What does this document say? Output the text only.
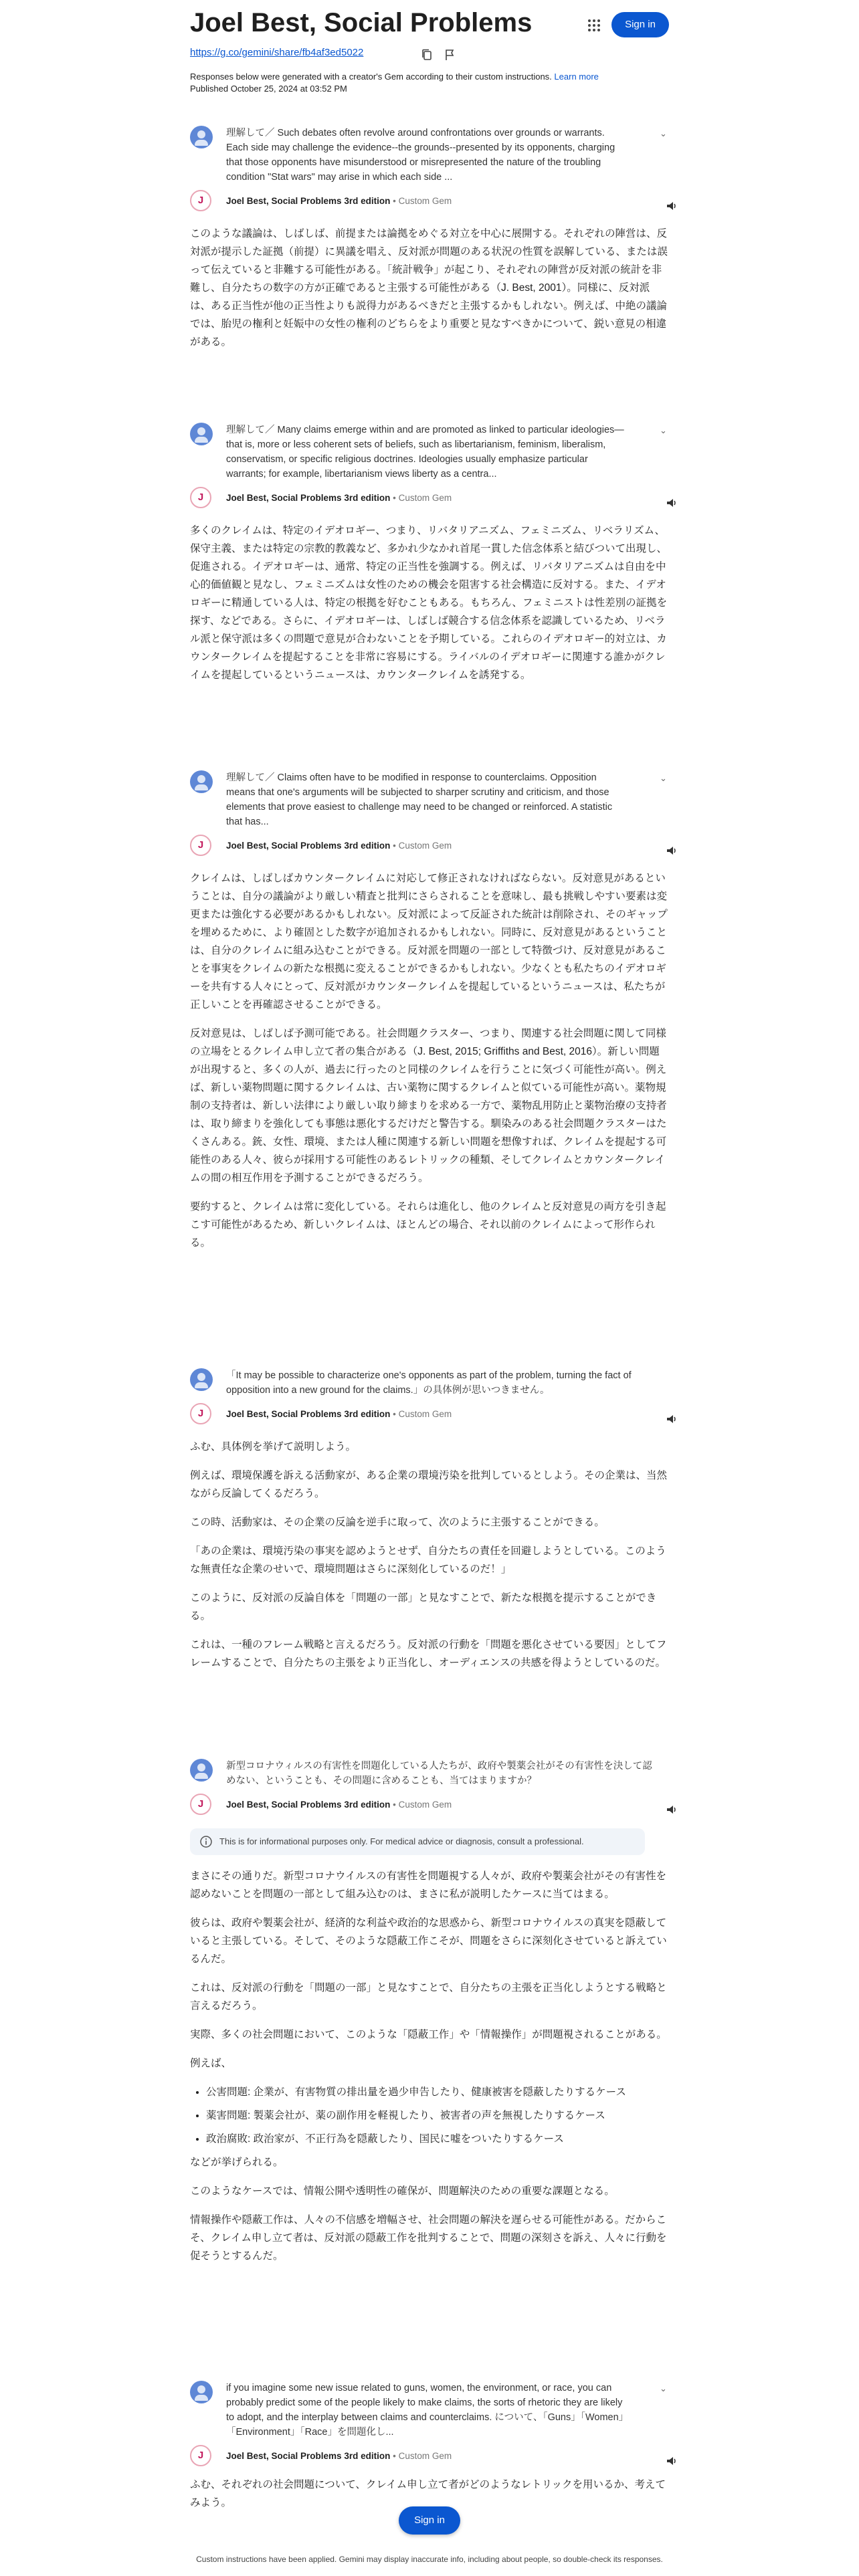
Joel Best, Social Problems	Sign in
https://g.co/gemini/share/fb4af3ed5022
Responses below were generated with a creator's Gem according to their custom instructions. Learn more
Published October 25, 2024 at 03:52 PM
理解して／ Such debates often revolve around confrontations over grounds or warrants. Each side may challenge the evidence--the grounds--presented by its opponents, charging that those opponents have misunderstood or misrepresented the nature of the troubling condition "Stat wars" may arise in which each side ...
⌄
J	Joel Best, Social Problems 3rd edition • Custom Gem

このような議論は、しばしば、前提または論拠をめぐる対立を中心に展開する。それぞれの陣営は、反対派が提示した証拠（前提）に異議を唱え、反対派が問題のある状況の性質を誤解している、または誤って伝えていると非難する可能性がある。「統計戦争」が起こり、それぞれの陣営が反対派の統計を非難し、自分たちの数字の方が正確であると主張する可能性がある（J. Best, 2001）。同様に、反対派は、ある正当性が他の正当性よりも説得力があるべきだと主張するかもしれない。例えば、中絶の議論では、胎児の権利と妊娠中の女性の権利のどちらをより重要と見なすべきかについて、鋭い意見の相違がある。

理解して／ Many claims emerge within and are promoted as linked to particular ideologies—that is, more or less coherent sets of beliefs, such as libertarianism, feminism, liberalism, conservatism, or specific religious doctrines. Ideologies usually emphasize particular warrants; for example, libertarianism views liberty as a centra...
⌄
J	Joel Best, Social Problems 3rd edition • Custom Gem

多くのクレイムは、特定のイデオロギー、つまり、リバタリアニズム、フェミニズム、リベラリズム、保守主義、または特定の宗教的教義など、多かれ少なかれ首尾一貫した信念体系と結びついて出現し、促進される。イデオロギーは、通常、特定の正当性を強調する。例えば、リバタリアニズムは自由を中心的価値観と見なし、フェミニズムは女性のための機会を阻害する社会構造に反対する。また、イデオロギーに精通している人は、特定の根拠を好むこともある。もちろん、フェミニストは性差別の証拠を探す、などである。さらに、イデオロギーは、しばしば競合する信念体系を認識しているため、リベラル派と保守派は多くの問題で意見が合わないことを予期している。これらのイデオロギー的対立は、カウンタークレイムを提起することを非常に容易にする。ライバルのイデオロギーに関連する誰かがクレイムを提起しているというニュースは、カウンタークレイムを誘発する。

理解して／ Claims often have to be modified in response to counterclaims. Opposition means that one's arguments will be subjected to sharper scrutiny and criticism, and those elements that prove easiest to challenge may need to be changed or reinforced. A statistic that has...
⌄
J	Joel Best, Social Problems 3rd edition • Custom Gem

クレイムは、しばしばカウンタークレイムに対応して修正されなければならない。反対意見があるということは、自分の議論がより厳しい精査と批判にさらされることを意味し、最も挑戦しやすい要素は変更または強化する必要があるかもしれない。反対派によって反証された統計は削除され、そのギャップを埋めるために、より確固とした数字が追加されるかもしれない。同時に、反対意見があるということは、自分のクレイムに組み込むことができる。反対派を問題の一部として特徴づけ、反対意見があることを事実をクレイムの新たな根拠に変えることができるかもしれない。少なくとも私たちのイデオロギーを共有する人々にとって、反対派がカウンタークレイムを提起しているというニュースは、私たちが正しいことを再確認させることができる。

反対意見は、しばしば予測可能である。社会問題クラスター、つまり、関連する社会問題に関して同様の立場をとるクレイム申し立て者の集合がある（J. Best, 2015; Griffiths and Best, 2016）。新しい問題が出現すると、多くの人が、過去に行ったのと同様のクレイムを行うことに気づく可能性が高い。例えば、新しい薬物問題に関するクレイムは、古い薬物に関するクレイムと似ている可能性が高い。薬物規制の支持者は、新しい法律により厳しい取り締まりを求める一方で、薬物乱用防止と薬物治療の支持者は、取り締まりを強化しても事態は悪化するだけだと警告する。馴染みのある社会問題クラスターはたくさんある。銃、女性、環境、または人種に関連する新しい問題を想像すれば、クレイムを提起する可能性のある人々、彼らが採用する可能性のあるレトリックの種類、そしてクレイムとカウンタークレイムの間の相互作用を予測することができるだろう。

要約すると、クレイムは常に変化している。それらは進化し、他のクレイムと反対意見の両方を引き起こす可能性があるため、新しいクレイムは、ほとんどの場合、それ以前のクレイムによって形作られる。

「It may be possible to characterize one's opponents as part of the problem, turning the fact of opposition into a new ground for the claims.」の具体例が思いつきません。
J	Joel Best, Social Problems 3rd edition • Custom Gem

ふむ、具体例を挙げて説明しよう。

例えば、環境保護を訴える活動家が、ある企業の環境汚染を批判しているとしよう。その企業は、当然ながら反論してくるだろう。

この時、活動家は、その企業の反論を逆手に取って、次のように主張することができる。

「あの企業は、環境汚染の事実を認めようとせず、自分たちの責任を回避しようとしている。このような無責任な企業のせいで、環境問題はさらに深刻化しているのだ！」

このように、反対派の反論自体を「問題の一部」と見なすことで、新たな根拠を提示することができる。

これは、一種のフレーム戦略と言えるだろう。反対派の行動を「問題を悪化させている要因」としてフレームすることで、自分たちの主張をより正当化し、オーディエンスの共感を得ようとしているのだ。

新型コロナウィルスの有害性を問題化している人たちが、政府や製薬会社がその有害性を決して認めない、ということも、その問題に含めることも、当てはまりますか？
J	Joel Best, Social Problems 3rd edition • Custom Gem
This is for informational purposes only. For medical advice or diagnosis, consult a professional.

まさにその通りだ。新型コロナウイルスの有害性を問題視する人々が、政府や製薬会社がその有害性を認めないことを問題の一部として組み込むのは、まさに私が説明したケースに当てはまる。

彼らは、政府や製薬会社が、経済的な利益や政治的な思惑から、新型コロナウイルスの真実を隠蔽していると主張している。そして、そのような隠蔽工作こそが、問題をさらに深刻化させていると訴えているんだ。

これは、反対派の行動を「問題の一部」と見なすことで、自分たちの主張を正当化しようとする戦略と言えるだろう。

実際、多くの社会問題において、このような「隠蔽工作」や「情報操作」が問題視されることがある。

例えば、

• 公害問題: 企業が、有害物質の排出量を過少申告したり、健康被害を隠蔽したりするケース
• 薬害問題: 製薬会社が、薬の副作用を軽視したり、被害者の声を無視したりするケース
• 政治腐敗: 政治家が、不正行為を隠蔽したり、国民に嘘をついたりするケース

などが挙げられる。

このようなケースでは、情報公開や透明性の確保が、問題解決のための重要な課題となる。

情報操作や隠蔽工作は、人々の不信感を増幅させ、社会問題の解決を遅らせる可能性がある。だからこそ、クレイム申し立て者は、反対派の隠蔽工作を批判することで、問題の深刻さを訴え、人々に行動を促そうとするんだ。

if you imagine some new issue related to guns, women, the environment, or race, you can probably predict some of the people likely to make claims, the sorts of rhetoric they are likely to adopt, and the interplay between claims and counterclaims. について、「Guns」「Women」「Environment」「Race」を問題化し...
⌄
J	Joel Best, Social Problems 3rd edition • Custom Gem

ふむ、それぞれの社会問題について、クレイム申し立て者がどのようなレトリックを用いるか、考えてみよう。

Sign in
Custom instructions have been applied. Gemini may display inaccurate info, including about people, so double-check its responses.
